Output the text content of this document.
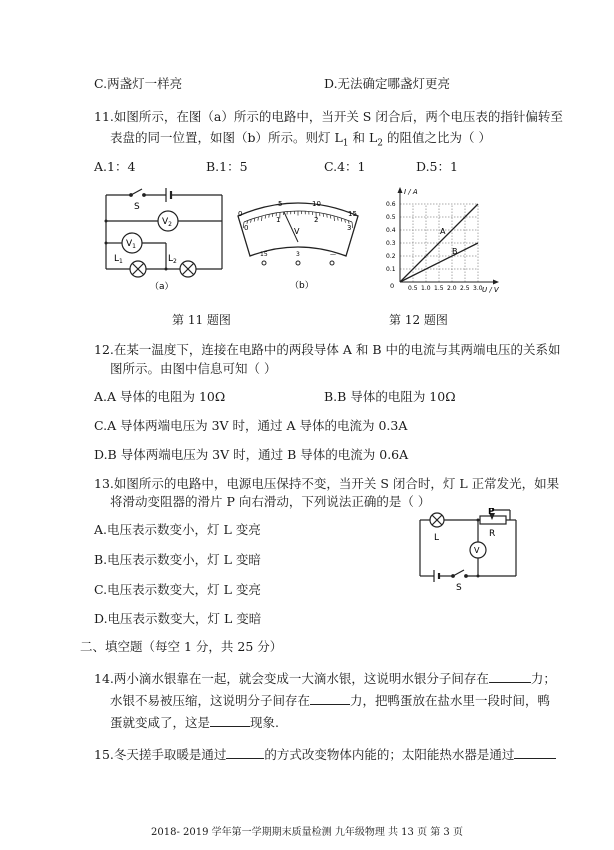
C.两盏灯一样亮	D.无法确定哪盏灯更亮
11.如图所示，在图（a）所示的电路中，当开关 S 闭合后，两个电压表的指针偏转至
表盘的同一位置，如图（b）所示。则灯 $L_1$ 和 $L_2$ 的阻值之比为（ ）
A.1：4	B.1：5	C.4：1	D.5：1
S
$V_2$
$V_1$
$L_1$	$L_2$
（a）
0
1	2
3
0
5	10
15
V
15	3	—
（b）
I / A
U / V
0
0.6
0.5
0.4
0.3
0.2
0.1
0.5 1.0 1.5 2.0 2.5 3.0
A
B
第 11 题图	第 12 题图
12.在某一温度下，连接在电路中的两段导体 A 和 B 中的电流与其两端电压的关系如
图所示。由图中信息可知（ ）
A.A 导体的电阻为 10Ω	B.B 导体的电阻为 10Ω
C.A 导体两端电压为 3V 时，通过 A 导体的电流为 0.3A
D.B 导体两端电压为 3V 时，通过 B 导体的电流为 0.6A
13.如图所示的电路中，电源电压保持不变，当开关 S 闭合时，灯 L 正常发光，如果
将滑动变阻器的滑片 P 向右滑动，下列说法正确的是（ ）
A.电压表示数变小，灯 L 变亮
B.电压表示数变小，灯 L 变暗
C.电压表示数变大，灯 L 变亮
D.电压表示数变大，灯 L 变暗
L
P
R
V
S
二、填空题（每空 1 分，共 25 分）
14.两小滴水银靠在一起，就会变成一大滴水银，这说明水银分子间存在	力；
水银不易被压缩，这说明分子间存在	力，把鸭蛋放在盐水里一段时间，鸭
蛋就变咸了，这是	现象.
15.冬天搓手取暖是通过	的方式改变物体内能的；太阳能热水器是通过
2018- 2019 学年第一学期期末质量检测 九年级物理 共 13 页 第 3 页
